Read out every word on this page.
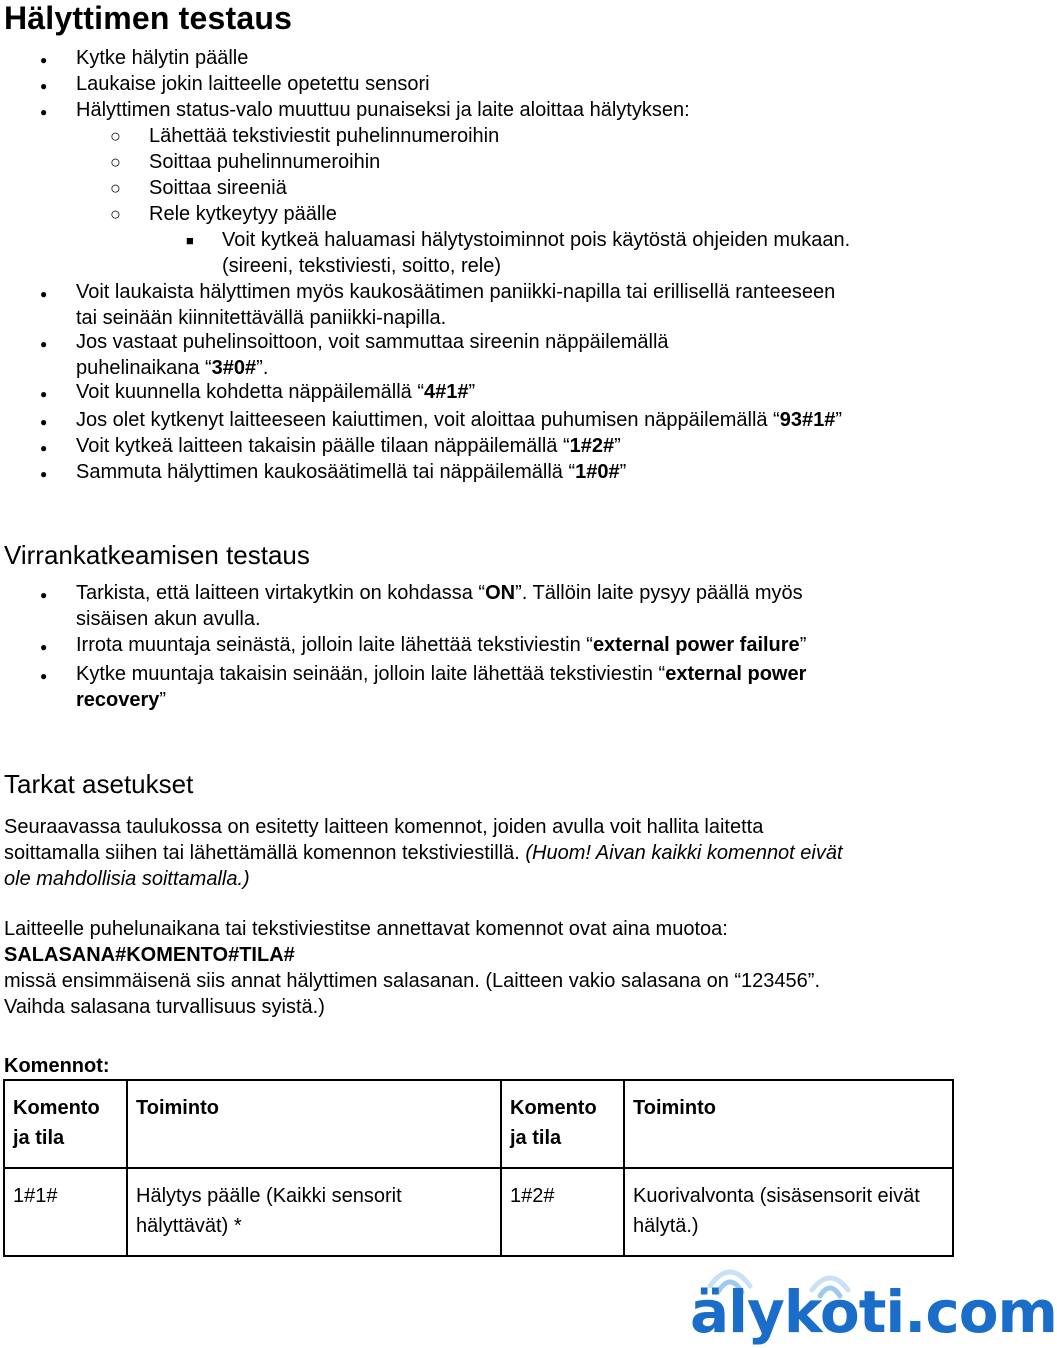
Hälyttimen testaus
● Kytke hälytin päälle
● Laukaise jokin laitteelle opetettu sensori
● Hälyttimen status-valo muuttuu punaiseksi ja laite aloittaa hälytyksen:
○ Lähettää tekstiviestit puhelinnumeroihin
○ Soittaa puhelinnumeroihin
○ Soittaa sireeniä
○ Rele kytkeytyy päälle
■ Voit kytkeä haluamasi hälytystoiminnot pois käytöstä ohjeiden mukaan.
(sireeni, tekstiviesti, soitto, rele)
● Voit laukaista hälyttimen myös kaukosäätimen paniikki-napilla tai erillisellä ranteeseen
tai seinään kiinnitettävällä paniikki-napilla.
● Jos vastaat puhelinsoittoon, voit sammuttaa sireenin näppäilemällä
puhelinaikana “3#0#”.
● Voit kuunnella kohdetta näppäilemällä “4#1#”
● Jos olet kytkenyt laitteeseen kaiuttimen, voit aloittaa puhumisen näppäilemällä “93#1#”
● Voit kytkeä laitteen takaisin päälle tilaan näppäilemällä “1#2#”
● Sammuta hälyttimen kaukosäätimellä tai näppäilemällä “1#0#”
Virrankatkeamisen testaus
● Tarkista, että laitteen virtakytkin on kohdassa “ON”. Tällöin laite pysyy päällä myös
sisäisen akun avulla.
● Irrota muuntaja seinästä, jolloin laite lähettää tekstiviestin “external power failure”
● Kytke muuntaja takaisin seinään, jolloin laite lähettää tekstiviestin “external power
recovery”
Tarkat asetukset

Seuraavassa taulukossa on esitetty laitteen komennot, joiden avulla voit hallita laitetta
soittamalla siihen tai lähettämällä komennon tekstiviestillä. (Huom! Aivan kaikki komennot eivät
ole mahdollisia soittamalla.)

Laitteelle puhelunaikana tai tekstiviestitse annettavat komennot ovat aina muotoa:
SALASANA#KOMENTO#TILA#
missä ensimmäisenä siis annat hälyttimen salasanan. (Laitteen vakio salasana on “123456”.
Vaihda salasana turvallisuus syistä.)

Komennot:
Komento ja tila	Toiminto	Komento ja tila	Toiminto
1#1#	Hälytys päälle (Kaikki sensorit hälyttävät) *	1#2#	Kuorivalvonta (sisäsensorit eivät hälytä.)
älykoti.com
